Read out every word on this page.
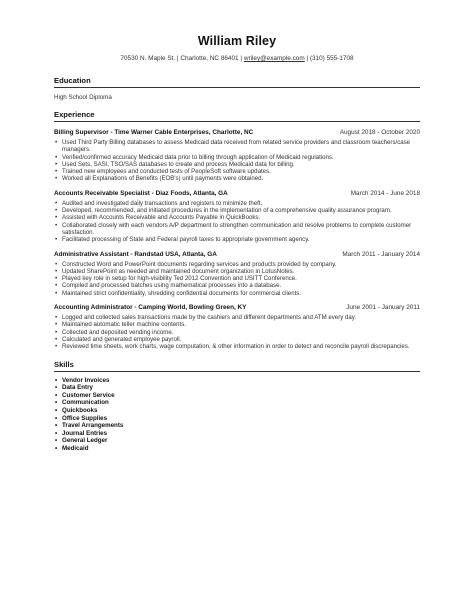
William Riley
70530 N. Maple St. | Charlotte, NC 86401 | wriley@example.com | (310) 555-1708
Education
High School Diploma
Experience
Billing Supervisor - Time Warner Cable Enterprises, Charlotte, NC	August 2018 - October 2020
• Used Third Party Billing databases to assess Medicaid data received from related service providers and classroom teachers/case managers.
• Verified/confirmed accuracy Medicaid data prior to billing through application of Medicaid regulations.
• Used Sets, SASI, TSO/SAS databases to create and process Medicaid data for billing.
• Trained new employees and conducted tests of PeopleSoft software updates.
• Worked all Explanations of Benefits (EOB's) until payments were obtained.
Accounts Receivable Specialist - Diaz Foods, Atlanta, GA	March 2014 - June 2018
• Audited and investigated daily transactions and registers to minimize theft.
• Developed, recommended, and initiated procedures in the implementation of a comprehensive quality assurance program.
• Assisted with Accounts Receivable and Accounts Payable in QuickBooks.
• Collaborated closely with each vendors A/P department to strengthen communication and resolve problems to complete customer satisfaction.
• Facilitated processing of State and Federal payroll taxes to appropriate government agency.
Administrative Assistant - Randstad USA, Atlanta, GA	March 2011 - January 2014
• Constructed Word and PowerPoint documents regarding services and products provided by company.
• Updated SharePoint as needed and maintained document organization in LotusNotes.
• Played key role in setup for high-visibility Ted 2012 Convention and USITT Conference.
• Compiled and processed batches using mathematical processes into a database.
• Maintained strict confidentiality, shredding confidential documents for commercial clients.
Accounting Administrator - Camping World, Bowling Green, KY	June 2001 - January 2011
• Logged and collected sales transactions made by the cashiers and different departments and ATM every day.
• Maintained automatic teller machine contents.
• Collected and deposited vending income.
• Calculated and generated employee payroll.
• Reviewed time sheets, work charts, wage computation, & other information in order to detect and reconcile payroll discrepancies.
Skills
• Vendor Invoices
• Data Entry
• Customer Service
• Communication
• Quickbooks
• Office Supplies
• Travel Arrangements
• Journal Entries
• General Ledger
• Medicaid
